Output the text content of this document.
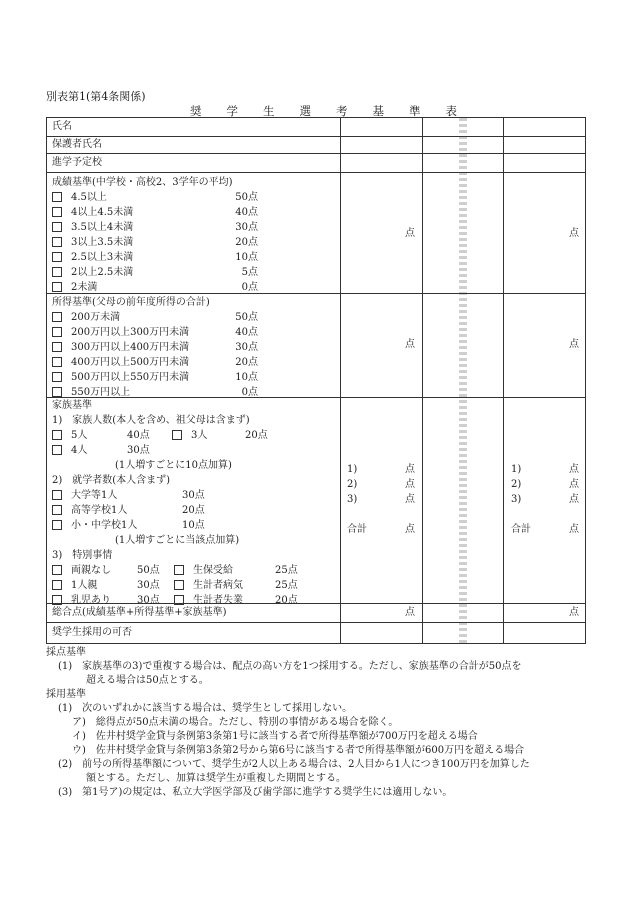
別表第1(第4条関係)
奨学生選考基準表
氏名
保護者氏名
進学予定校
成績基準(中学校・高校2、3学年の平均)
4.5以上	50点
4以上4.5未満	40点
3.5以上4未満	30点
3以上3.5未満	20点
2.5以上3未満	10点
2以上2.5未満	5点
2未満	0点
点	点
所得基準(父母の前年度所得の合計)
200万未満	50点
200万円以上300万円未満	40点
300万円以上400万円未満	30点
400万円以上500万円未満	20点
500万円以上550万円未満	10点
550万円以上	0点
点	点
家族基準
1)　家族人数(本人を含め、祖父母は含まず)
5人	40点	3人	20点
4人	30点
(1人増すごとに10点加算)
2)　就学者数(本人含まず)
大学等1人	30点
高等学校1人	20点
小・中学校1人	10点
(1人増すごとに当該点加算)
3)　特別事情
両親なし	50点	生保受給	25点
1人親	30点	生計者病気	25点
乳児あり	30点	生計者失業	20点
1)	点
2)	点
3)	点
合計	点
1)	点
2)	点
3)	点
合計	点
総合点(成績基準+所得基準+家族基準)	点	点
奨学生採用の可否
採点基準
(1)　家族基準の3)で重複する場合は、配点の高い方を1つ採用する。ただし、家族基準の合計が50点を
超える場合は50点とする。
採用基準
(1)　次のいずれかに該当する場合は、奨学生として採用しない。
ア)　総得点が50点未満の場合。ただし、特別の事情がある場合を除く。
イ)　佐井村奨学金貸与条例第3条第1号に該当する者で所得基準額が700万円を超える場合
ウ)　佐井村奨学金貸与条例第3条第2号から第6号に該当する者で所得基準額が600万円を超える場合
(2)　前号の所得基準額について、奨学生が2人以上ある場合は、2人目から1人につき100万円を加算した
額とする。ただし、加算は奨学生が重複した期間とする。
(3)　第1号ア)の規定は、私立大学医学部及び歯学部に進学する奨学生には適用しない。
